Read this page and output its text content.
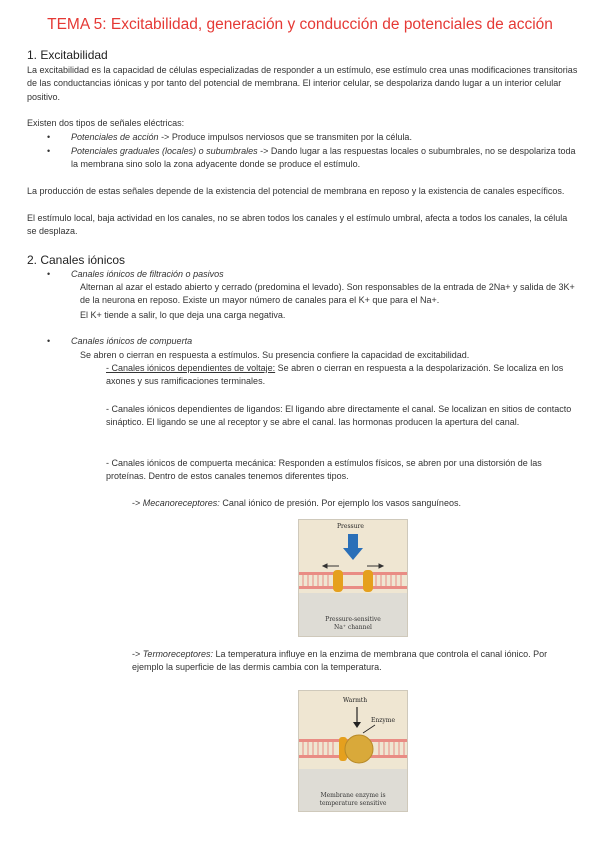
TEMA 5: Excitabilidad, generación y conducción de potenciales de acción
1. Excitabilidad

La excitabilidad es la capacidad de células especializadas de responder a un estímulo, ese estímulo crea unas modificaciones transitorias de las conductancias iónicas y por tanto del potencial de membrana. El interior celular, se despolariza dando lugar a un interior celular positivo.

Existen dos tipos de señales eléctricas:

• Potenciales de acción -> Produce impulsos nerviosos que se transmiten por la célula.

• Potenciales graduales (locales) o subumbrales -> Dando lugar a las respuestas locales o subumbrales, no se despolariza toda la membrana sino solo la zona adyacente donde se produce el estímulo.

La producción de estas señales depende de la existencia del potencial de membrana en reposo y la existencia de canales específicos.

El estímulo local, baja actividad en los canales, no se abren todos los canales y el estímulo umbral, afecta a todos los canales, la célula se desplaza.

2. Canales iónicos
• Canales iónicos de filtración o pasivos

Alternan al azar el estado abierto y cerrado (predomina el levado). Son responsables de la entrada de 2Na+ y salida de 3K+ de la neurona en reposo. Existe un mayor número de canales para el K+ que para el Na+.

El K+ tiende a salir, lo que deja una carga negativa.

• Canales iónicos de compuerta

Se abren o cierran en respuesta a estímulos. Su presencia confiere la capacidad de excitabilidad.

- Canales iónicos dependientes de voltaje: Se abren o cierran en respuesta a la despolarización. Se localiza en los axones y sus ramificaciones terminales.

- Canales iónicos dependientes de ligandos: El ligando abre directamente el canal. Se localizan en sitios de contacto sináptico. El ligando se une al receptor y se abre el canal. las hormonas producen la apertura del canal.

- Canales iónicos de compuerta mecánica: Responden a estímulos físicos, se abren por una distorsión de las proteínas. Dentro de estos canales tenemos diferentes tipos.

-> Mecanoreceptores: Canal iónico de presión. Por ejemplo los vasos sanguíneos.

Pressure
Pressure-sensitive
Na⁺ channel

-> Termoreceptores: La temperatura influye en la enzima de membrana que controla el canal iónico. Por ejemplo la superficie de las dermis cambia con la temperatura.

Warmth
Enzyme
Membrane enzyme is
temperature sensitive
